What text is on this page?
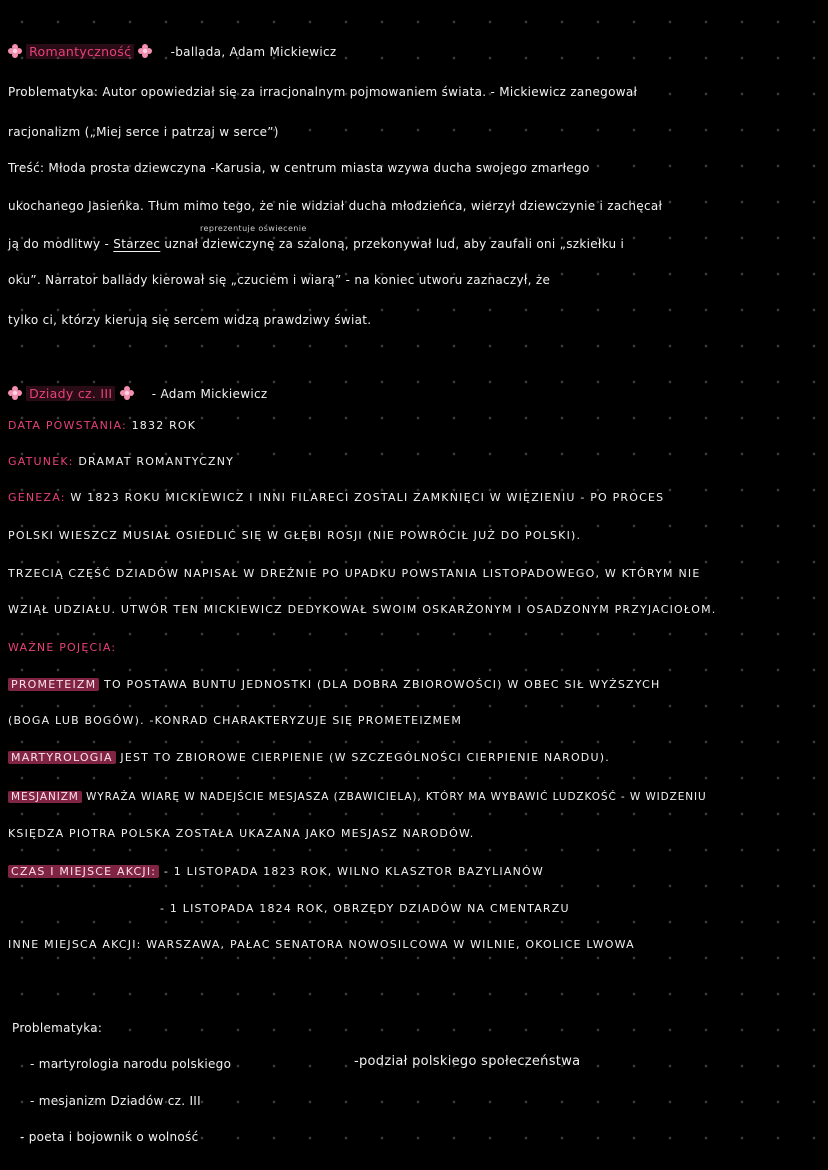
Romantyczność	-ballada, Adam Mickiewicz
Problematyka: Autor opowiedział się za irracjonalnym pojmowaniem świata. - Mickiewicz zanegował
racjonalizm („Miej serce i patrzaj w serce”)
Treść: Młoda prosta dziewczyna -Karusia, w centrum miasta wzywa ducha swojego zmarłego
ukochanego Jasieńka. Tłum mimo tego, że nie widział ducha młodzieńca, wierzył dziewczynie i zachęcał
reprezentuje oświecenie
ją do modlitwy - Starzec uznał dziewczynę za szaloną, przekonywał lud, aby zaufali oni „szkiełku i
oku”. Narrator ballady kierował się „czuciem i wiarą” - na koniec utworu zaznaczył, że
tylko ci, którzy kierują się sercem widzą prawdziwy świat.
Dziady cz. III	- Adam Mickiewicz
DATA POWSTANIA: 1832 ROK
GATUNEK: DRAMAT ROMANTYCZNY
GENEZA: W 1823 ROKU MICKIEWICZ I INNI FILARECI ZOSTALI ZAMKNIĘCI W WIĘZIENIU - PO PROCES
POLSKI WIESZCZ MUSIAŁ OSIEDLIĆ SIĘ W GŁĘBI ROSJI (NIE POWRÓCIŁ JUŻ DO POLSKI).
TRZECIĄ CZĘŚĆ DZIADÓW NAPISAŁ W DREŹNIE PO UPADKU POWSTANIA LISTOPADOWEGO, W KTÓRYM NIE
WZIĄŁ UDZIAŁU. UTWÓR TEN MICKIEWICZ DEDYKOWAŁ SWOIM OSKARŻONYM I OSADZONYM PRZYJACIOŁOM.
WAŻNE POJĘCIA:
PROMETEIZM TO POSTAWA BUNTU JEDNOSTKI (DLA DOBRA ZBIOROWOŚCI) W OBEC SIŁ WYŻSZYCH
(BOGA LUB BOGÓW). -KONRAD CHARAKTERYZUJE SIĘ PROMETEIZMEM
MARTYROLOGIA JEST TO ZBIOROWE CIERPIENIE (W SZCZEGÓLNOŚCI CIERPIENIE NARODU).
MESJANIZM WYRAŻA WIARĘ W NADEJŚCIE MESJASZA (ZBAWICIELA), KTÓRY MA WYBAWIĆ LUDZKOŚĆ - W WIDZENIU
KSIĘDZA PIOTRA POLSKA ZOSTAŁA UKAZANA JAKO MESJASZ NARODÓW.
CZAS I MIEJSCE AKCJI: - 1 LISTOPADA 1823 ROK, WILNO KLASZTOR BAZYLIANÓW
- 1 LISTOPADA 1824 ROK, OBRZĘDY DZIADÓW NA CMENTARZU
INNE MIEJSCA AKCJI: WARSZAWA, PAŁAC SENATORA NOWOSILCOWA W WILNIE, OKOLICE LWOWA
Problematyka:
- martyrologia narodu polskiego	-podział polskiego społeczeństwa
- mesjanizm Dziadów cz. III
- poeta i bojownik o wolność
